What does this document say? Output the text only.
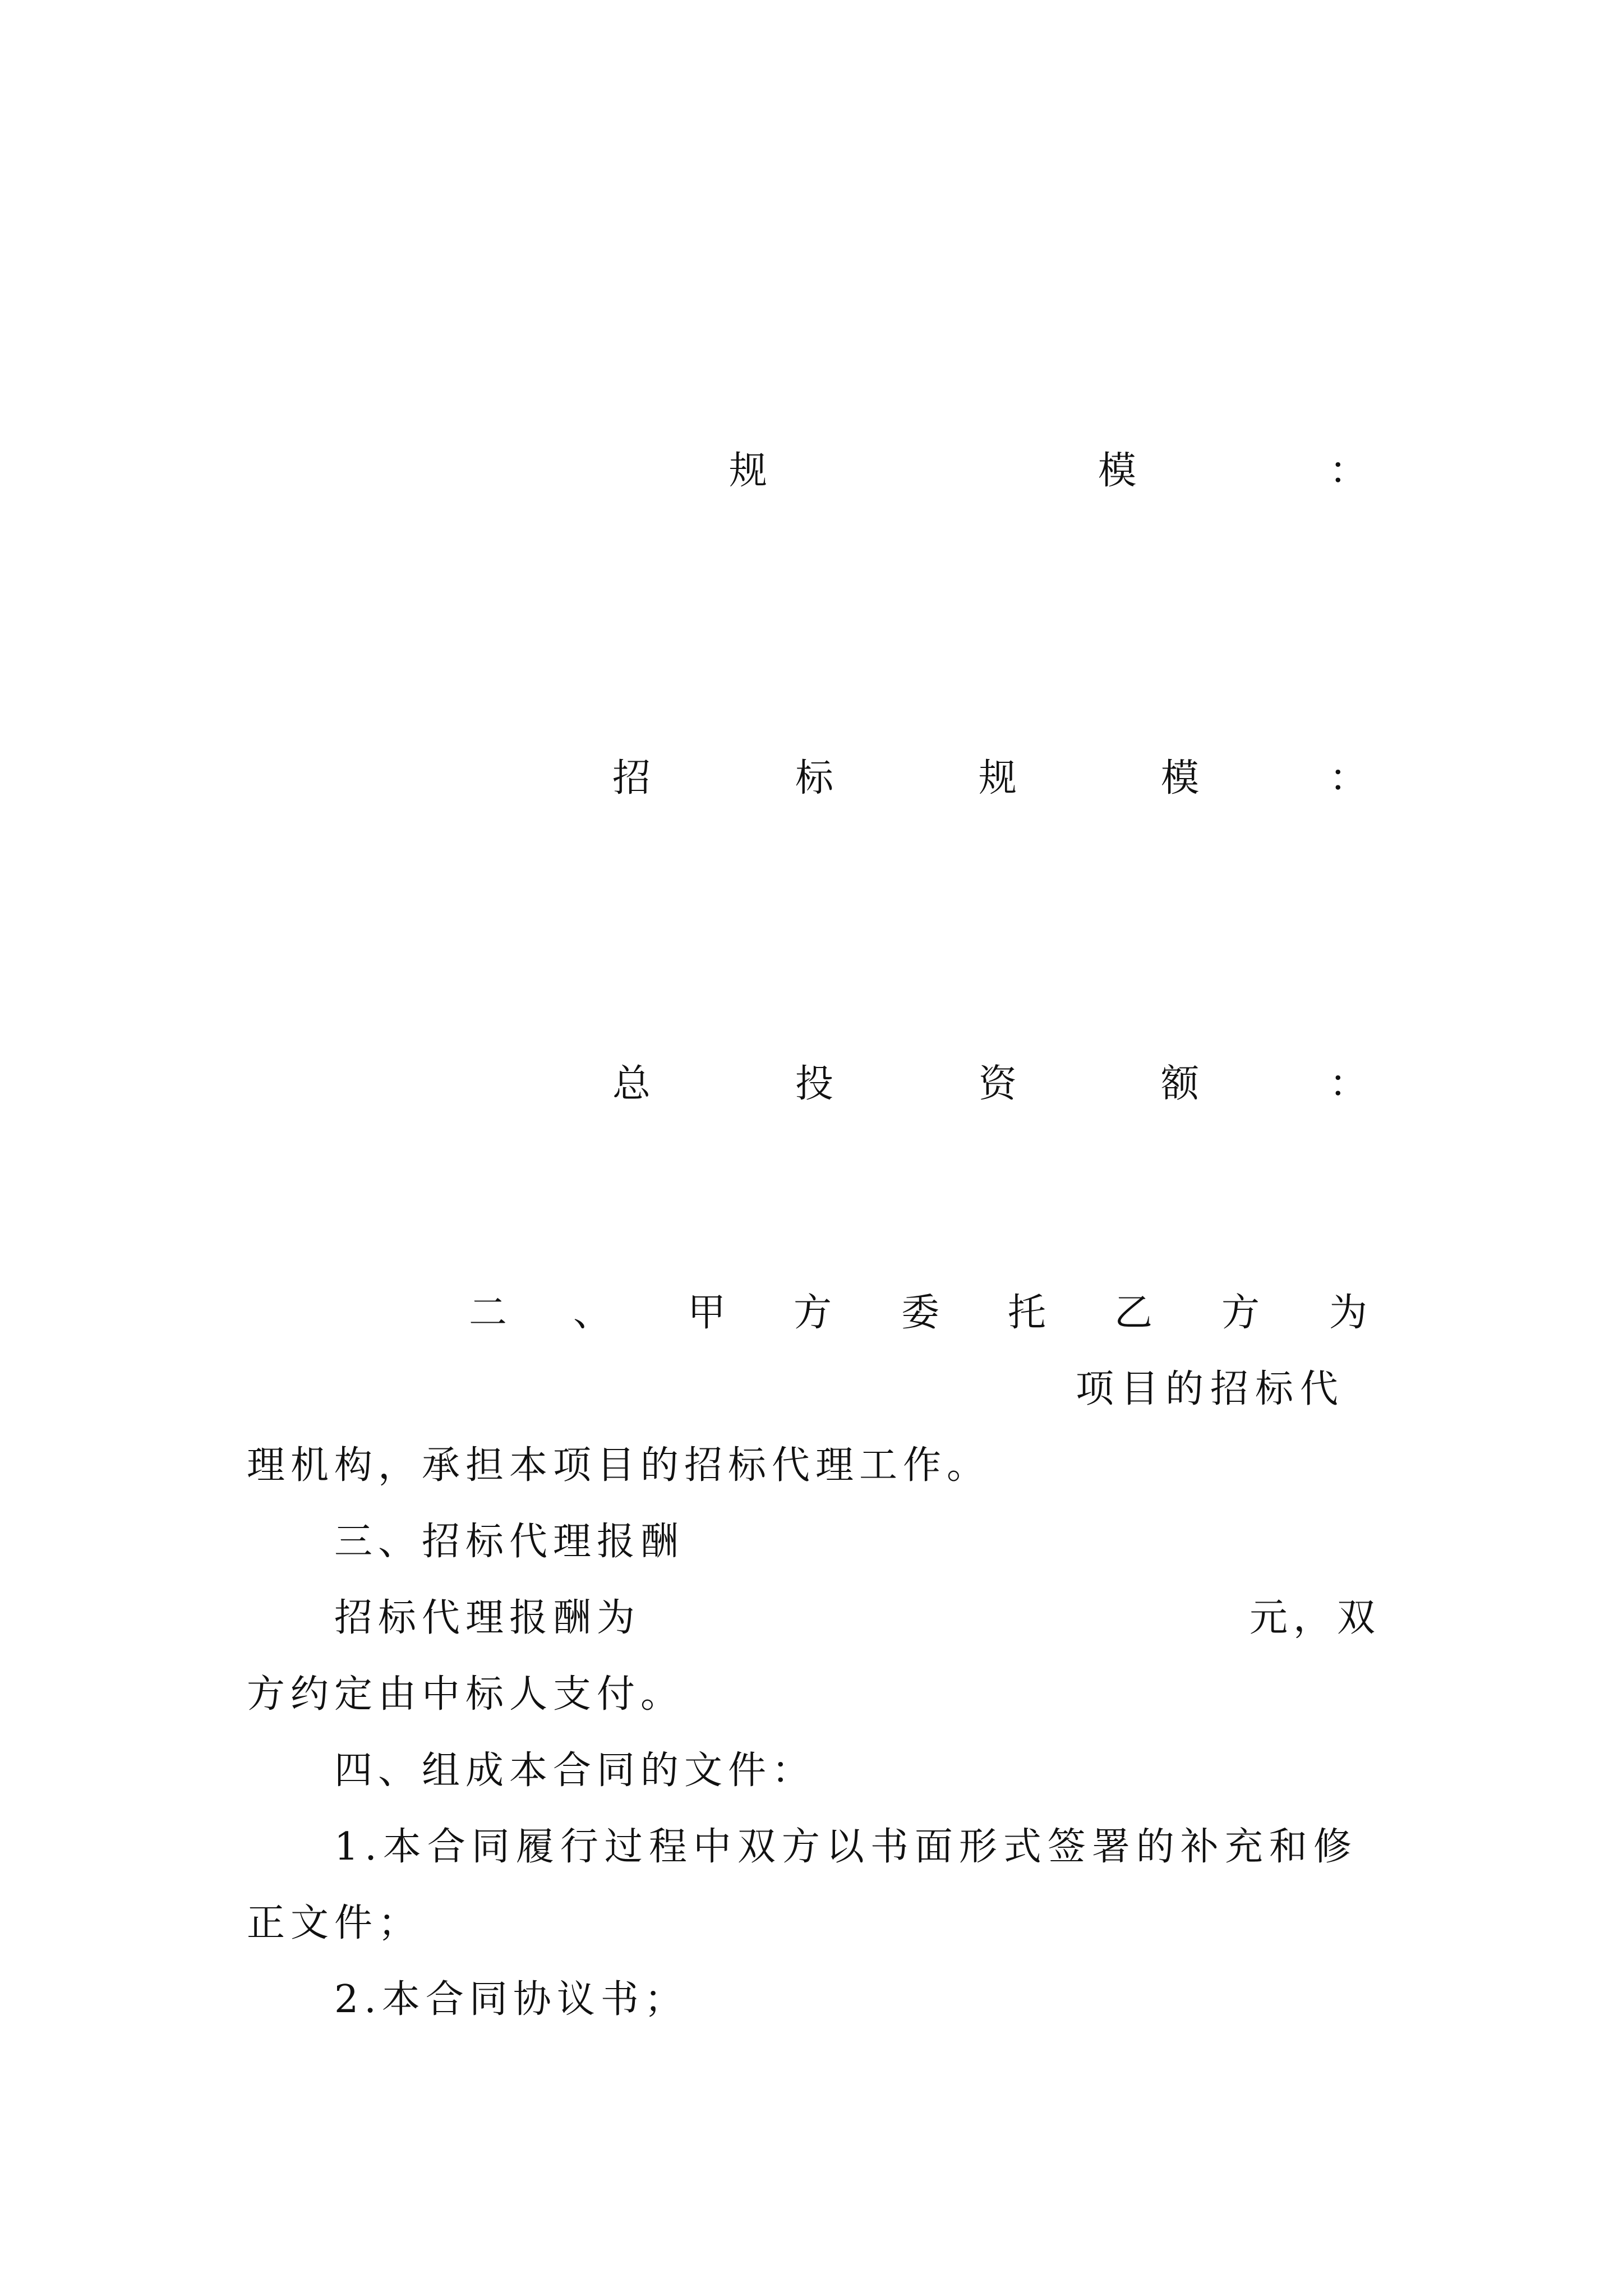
规	模	：
招	标	规	模	：
总	投	资	额	：
二 、 甲 方 委 托 乙 方 为
项目的招标代
理机构，承担本项目的招标代理工作。
三、招标代理报酬
招标代理报酬为	元，双
方约定由中标人支付。
四、组成本合同的文件：
1.本合同履行过程中双方以书面形式签署的补充和修
正文件；
2.本合同协议书；
